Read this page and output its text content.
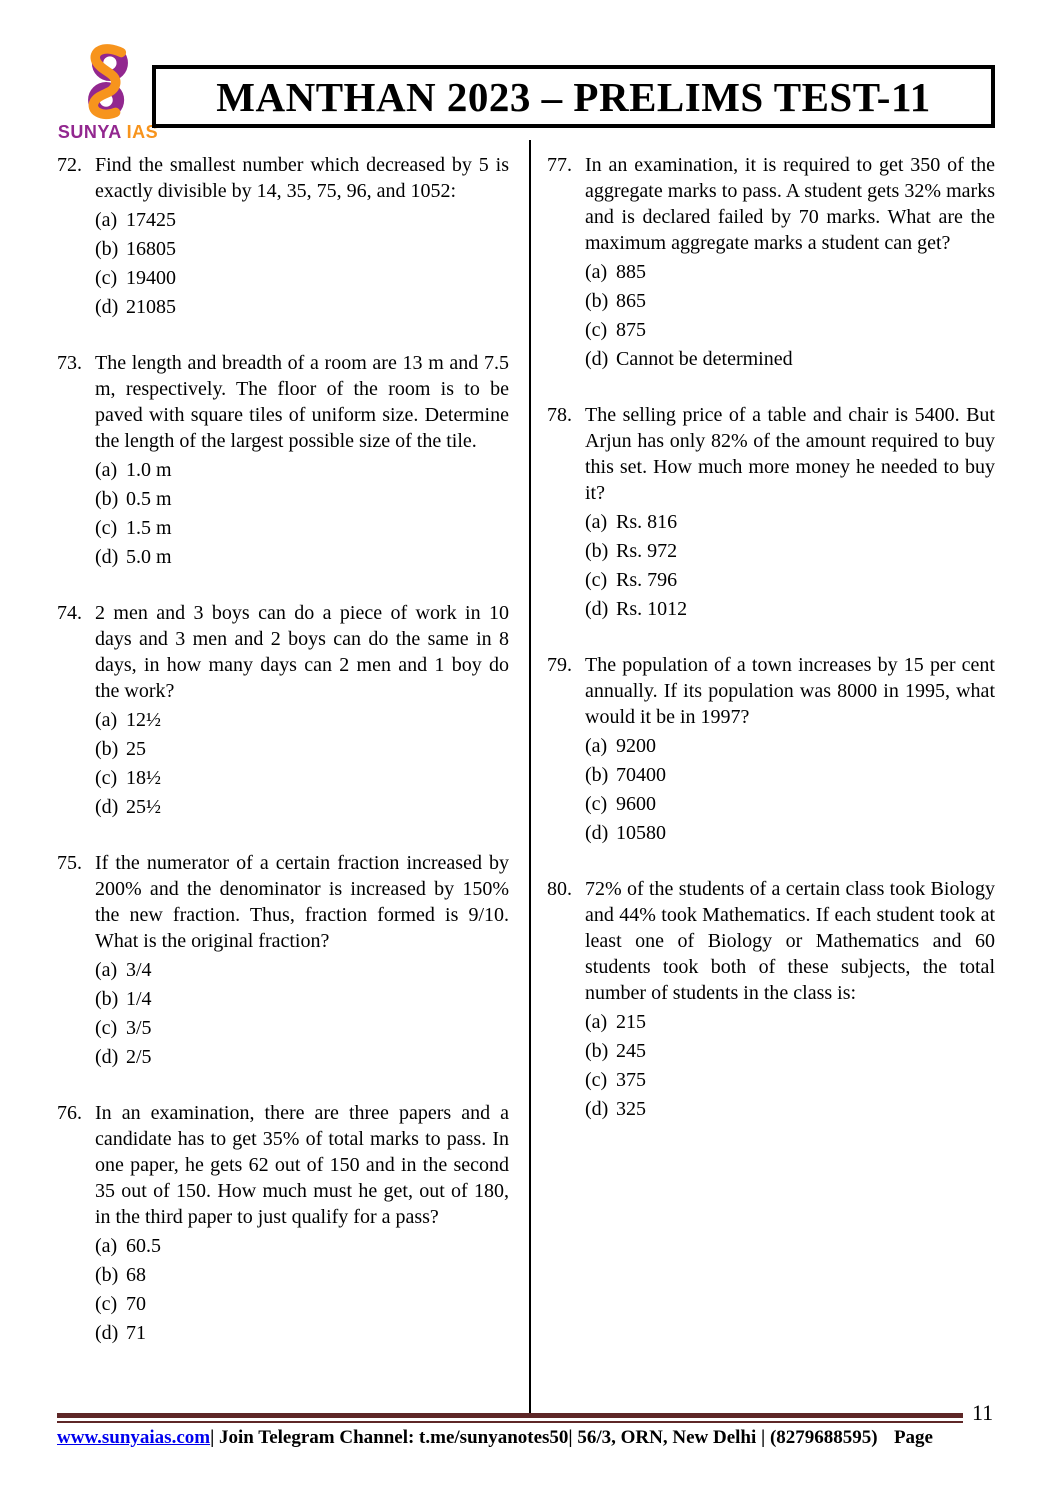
SUNYA IAS
MANTHAN 2023 – PRELIMS TEST-11
72. Find the smallest number which decreased by 5 is exactly divisible by 14, 35, 75, 96, and 1052:
(a) 17425
(b) 16805
(c) 19400
(d) 21085
73. The length and breadth of a room are 13 m and 7.5 m, respectively. The floor of the room is to be paved with square tiles of uniform size. Determine the length of the largest possible size of the tile.
(a) 1.0 m
(b) 0.5 m
(c) 1.5 m
(d) 5.0 m
74. 2 men and 3 boys can do a piece of work in 10 days and 3 men and 2 boys can do the same in 8 days, in how many days can 2 men and 1 boy do the work?
(a) 12½
(b) 25
(c) 18½
(d) 25½
75. If the numerator of a certain fraction increased by 200% and the denominator is increased by 150% the new fraction. Thus, fraction formed is 9/10. What is the original fraction?
(a) 3/4
(b) 1/4
(c) 3/5
(d) 2/5
76. In an examination, there are three papers and a candidate has to get 35% of total marks to pass. In one paper, he gets 62 out of 150 and in the second 35 out of 150. How much must he get, out of 180, in the third paper to just qualify for a pass?
(a) 60.5
(b) 68
(c) 70
(d) 71
77. In an examination, it is required to get 350 of the aggregate marks to pass. A student gets 32% marks and is declared failed by 70 marks. What are the maximum aggregate marks a student can get?
(a) 885
(b) 865
(c) 875
(d) Cannot be determined
78. The selling price of a table and chair is 5400. But Arjun has only 82% of the amount required to buy this set. How much more money he needed to buy it?
(a) Rs. 816
(b) Rs. 972
(c) Rs. 796
(d) Rs. 1012
79. The population of a town increases by 15 per cent annually. If its population was 8000 in 1995, what would it be in 1997?
(a) 9200
(b) 70400
(c) 9600
(d) 10580
80. 72% of the students of a certain class took Biology and 44% took Mathematics. If each student took at least one of Biology or Mathematics and 60 students took both of these subjects, the total number of students in the class is:
(a) 215
(b) 245
(c) 375
(d) 325
11
www.sunyaias.com | Join Telegram Channel: t.me/sunyanotes50| 56/3, ORN, New Delhi | (8279688595) Page
